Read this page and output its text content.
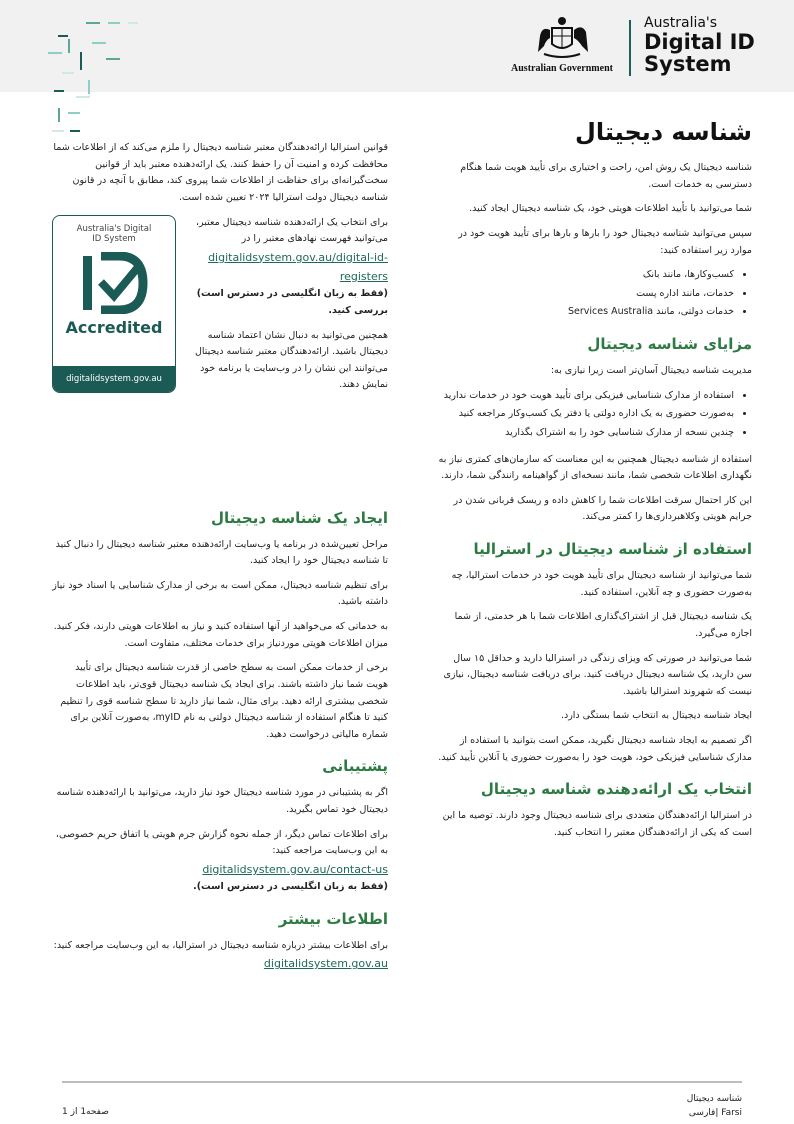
Australian Government
Australia's
Digital ID
System
شناسه دیجیتال

شناسه دیجیتال یک روش امن، راحت و اختیاری برای تأیید هویت شما هنگام دسترسی به خدمات است.

شما می‌توانید با تأیید اطلاعات هویتی خود، یک شناسه دیجیتال ایجاد کنید.

سپس می‌توانید شناسه دیجیتال خود را بارها و بارها برای تأیید هویت خود در موارد زیر استفاده کنید:

• کسب‌وکارها، مانند بانک
• خدمات، مانند اداره پست
• خدمات دولتی، مانند Services Australia
مزایای شناسه دیجیتال

مدیریت شناسه دیجیتال آسان‌تر است زیرا نیازی به:

• استفاده از مدارک شناسایی فیزیکی برای تأیید هویت خود در خدمات ندارید
• به‌صورت حضوری به یک اداره دولتی یا دفتر یک کسب‌وکار مراجعه کنید
• چندین نسخه از مدارک شناسایی خود را به اشتراک بگذارید

استفاده از شناسه دیجیتال همچنین به این معناست که سازمان‌های کمتری نیاز به نگهداری اطلاعات شخصی شما، مانند نسخه‌ای از گواهینامه رانندگی شما، دارند.

این کار احتمال سرقت اطلاعات شما را کاهش داده و ریسک قربانی شدن در جرایم هویتی وکلاهبرداری‌ها را کمتر می‌کند.

استفاده از شناسه دیجیتال در استرالیا

شما می‌توانید از شناسه دیجیتال برای تأیید هویت خود در خدمات استرالیا، چه به‌صورت حضوری و چه آنلاین، استفاده کنید.

یک شناسه دیجیتال قبل از اشتراک‌گذاری اطلاعات شما با هر خدمتی، از شما اجازه می‌گیرد.

شما می‌توانید در صورتی که ویزای زندگی در استرالیا دارید و حداقل ۱۵ سال سن دارید، یک شناسه دیجیتال دریافت کنید. برای دریافت شناسه دیجیتال، نیازی نیست که شهروند استرالیا باشید.

ایجاد شناسه دیجیتال به انتخاب شما بستگی دارد.

اگر تصمیم به ایجاد شناسه دیجیتال نگیرید، ممکن است بتوانید با استفاده از مدارک شناسایی فیزیکی خود، هویت خود را به‌صورت حضوری یا آنلاین تأیید کنید.

انتخاب یک ارائه‌دهنده شناسه دیجیتال

در استرالیا ارائه‌دهندگان متعددی برای شناسه دیجیتال وجود دارند. توصیه ما این است که یکی از ارائه‌دهندگان معتبر را انتخاب کنید.

قوانین استرالیا ارائه‌دهندگان معتبر شناسه دیجیتال را ملزم می‌کند که از اطلاعات شما محافظت کرده و امنیت آن را حفظ کنند. یک ارائه‌دهنده معتبر باید از قوانین سخت‌گیرانه‌ای برای حفاظت از اطلاعات شما پیروی کند، مطابق با آنچه در قانون شناسه دیجیتال دولت استرالیا ۲۰۲۴ تعیین شده است.

Australia's Digital
ID System
Accredited
digitalidsystem.gov.au

برای انتخاب یک ارائه‌دهنده شناسه دیجیتال معتبر، می‌توانید فهرست نهادهای معتبر را در
digitalidsystem.gov.au/digital-id-registers
(فقط به زبان انگلیسی در دسترس است) بررسی کنید.

همچنین می‌توانید به دنبال نشان اعتماد شناسه دیجیتال باشید. ارائه‌دهندگان معتبر شناسه دیجیتال می‌توانند این نشان را در وب‌سایت یا برنامه خود نمایش دهند.

ایجاد یک شناسه دیجیتال

مراحل تعیین‌شده در برنامه یا وب‌سایت ارائه‌دهنده معتبر شناسه دیجیتال را دنبال کنید تا شناسه دیجیتال خود را ایجاد کنید.

برای تنظیم شناسه دیجیتال، ممکن است به برخی از مدارک شناسایی یا اسناد خود نیاز داشته باشید.

به خدماتی که می‌خواهید از آنها استفاده کنید و نیاز به اطلاعات هویتی دارند، فکر کنید. میزان اطلاعات هویتی موردنیاز برای خدمات مختلف، متفاوت است.

برخی از خدمات ممکن است به سطح خاصی از قدرت شناسه دیجیتال برای تأیید هویت شما نیاز داشته باشند. برای ایجاد یک شناسه دیجیتال قوی‌تر، باید اطلاعات شخصی بیشتری ارائه دهید. برای مثال، شما نیاز دارید تا سطح شناسه قوی را تنظیم کنید تا هنگام استفاده از شناسه دیجیتال دولتی به نام myID، به‌صورت آنلاین برای شماره مالیاتی درخواست دهید.

پشتیبانی

اگر به پشتیبانی در مورد شناسه دیجیتال خود نیاز دارید، می‌توانید با ارائه‌دهنده شناسه دیجیتال خود تماس بگیرید.

برای اطلاعات تماس دیگر، از جمله نحوه گزارش جرم هویتی یا اتفاق حریم خصوصی، به این وب‌سایت مراجعه کنید:
digitalidsystem.gov.au/contact-us
(فقط به زبان انگلیسی در دسترس است).

اطلاعات بیشتر

برای اطلاعات بیشتر درباره شناسه دیجیتال در استرالیا، به این وب‌سایت مراجعه کنید:
digitalidsystem.gov.au

شناسه دیجیتال
Farsi |فارسی
صفحه1 از 1
